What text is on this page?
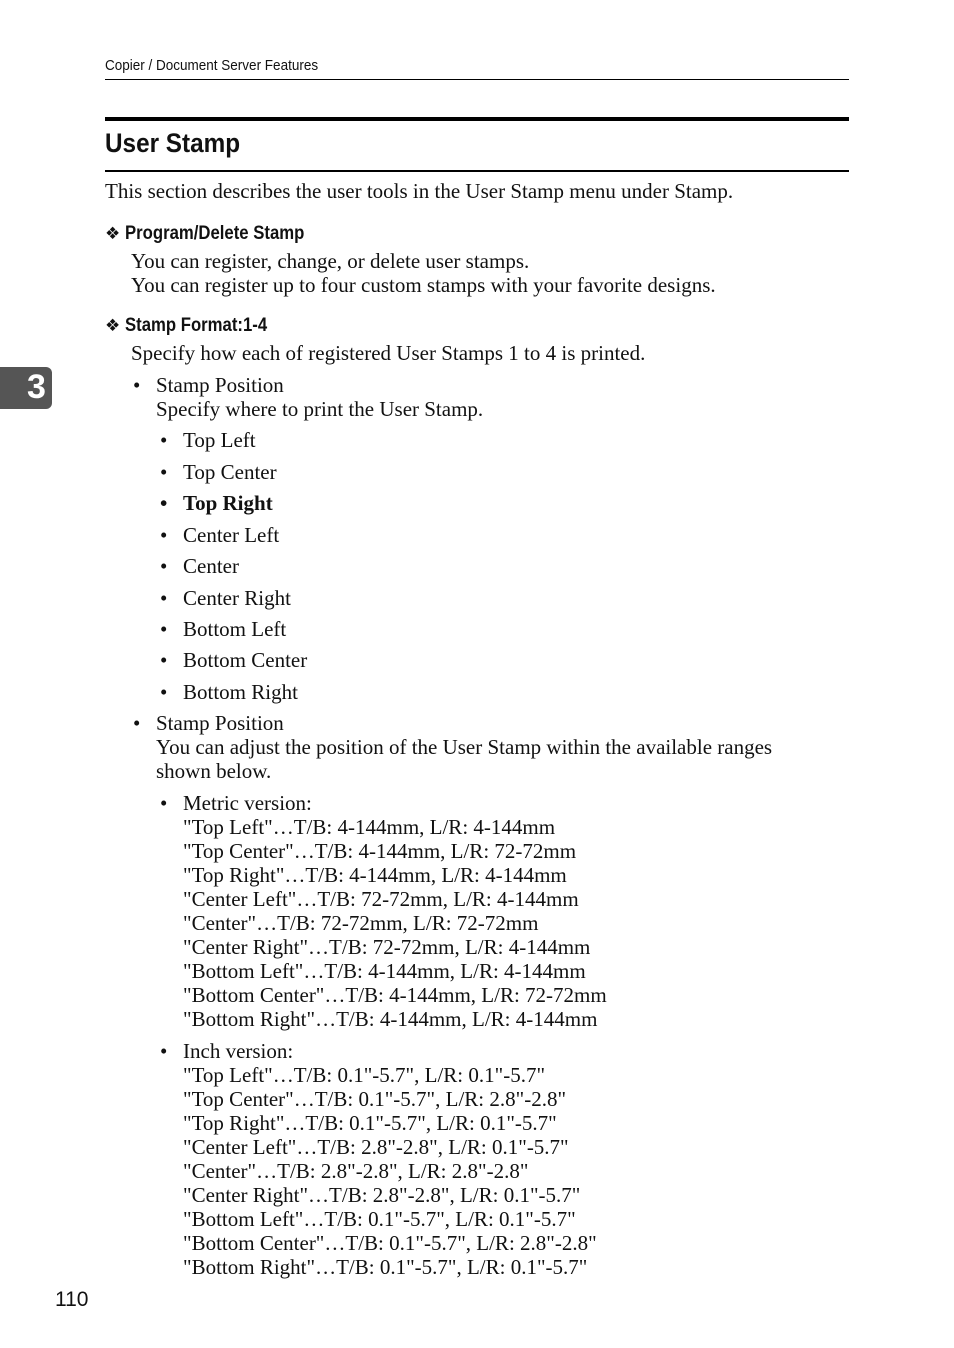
Copier / Document Server Features
User Stamp
This section describes the user tools in the User Stamp menu under Stamp.
❖ Program/Delete Stamp
You can register, change, or delete user stamps.
You can register up to four custom stamps with your favorite designs.
❖ Stamp Format:1-4
Specify how each of registered User Stamps 1 to 4 is printed.
• Stamp Position
Specify where to print the User Stamp.
• Top Left
• Top Center
• Top Right
• Center Left
• Center
• Center Right
• Bottom Left
• Bottom Center
• Bottom Right
• Stamp Position
You can adjust the position of the User Stamp within the available ranges
shown below.
• Metric version:
"Top Left"…T/B: 4-144mm, L/R: 4-144mm
"Top Center"…T/B: 4-144mm, L/R: 72-72mm
"Top Right"…T/B: 4-144mm, L/R: 4-144mm
"Center Left"…T/B: 72-72mm, L/R: 4-144mm
"Center"…T/B: 72-72mm, L/R: 72-72mm
"Center Right"…T/B: 72-72mm, L/R: 4-144mm
"Bottom Left"…T/B: 4-144mm, L/R: 4-144mm
"Bottom Center"…T/B: 4-144mm, L/R: 72-72mm
"Bottom Right"…T/B: 4-144mm, L/R: 4-144mm
• Inch version:
"Top Left"…T/B: 0.1"-5.7", L/R: 0.1"-5.7"
"Top Center"…T/B: 0.1"-5.7", L/R: 2.8"-2.8"
"Top Right"…T/B: 0.1"-5.7", L/R: 0.1"-5.7"
"Center Left"…T/B: 2.8"-2.8", L/R: 0.1"-5.7"
"Center"…T/B: 2.8"-2.8", L/R: 2.8"-2.8"
"Center Right"…T/B: 2.8"-2.8", L/R: 0.1"-5.7"
"Bottom Left"…T/B: 0.1"-5.7", L/R: 0.1"-5.7"
"Bottom Center"…T/B: 0.1"-5.7", L/R: 2.8"-2.8"
"Bottom Right"…T/B: 0.1"-5.7", L/R: 0.1"-5.7"
3
110
